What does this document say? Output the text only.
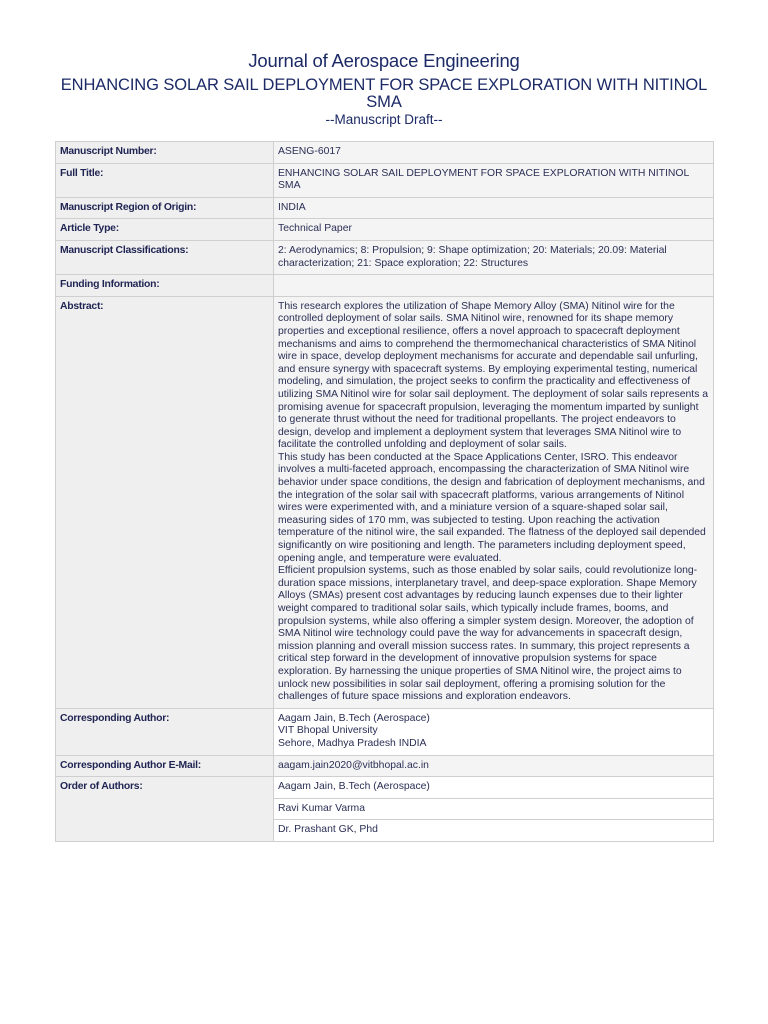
Journal of Aerospace Engineering
ENHANCING SOLAR SAIL DEPLOYMENT FOR SPACE EXPLORATION WITH NITINOL SMA
--Manuscript Draft--
Manuscript Number:	ASENG-6017
Full Title:	ENHANCING SOLAR SAIL DEPLOYMENT FOR SPACE EXPLORATION WITH NITINOL SMA
Manuscript Region of Origin:	INDIA
Article Type:	Technical Paper
Manuscript Classifications:	2: Aerodynamics; 8: Propulsion; 9: Shape optimization; 20: Materials; 20.09: Material characterization; 21: Space exploration; 22: Structures
Funding Information:	
Abstract:	This research explores the utilization of Shape Memory Alloy (SMA) Nitinol wire for the controlled deployment of solar sails. SMA Nitinol wire, renowned for its shape memory properties and exceptional resilience, offers a novel approach to spacecraft deployment mechanisms and aims to comprehend the thermomechanical characteristics of SMA Nitinol wire in space, develop deployment mechanisms for accurate and dependable sail unfurling, and ensure synergy with spacecraft systems. By employing experimental testing, numerical modeling, and simulation, the project seeks to confirm the practicality and effectiveness of utilizing SMA Nitinol wire for solar sail deployment. The deployment of solar sails represents a promising avenue for spacecraft propulsion, leveraging the momentum imparted by sunlight to generate thrust without the need for traditional propellants. The project endeavors to design, develop and implement a deployment system that leverages SMA Nitinol wire to facilitate the controlled unfolding and deployment of solar sails.

This study has been conducted at the Space Applications Center, ISRO. This endeavor involves a multi-faceted approach, encompassing the characterization of SMA Nitinol wire behavior under space conditions, the design and fabrication of deployment mechanisms, and the integration of the solar sail with spacecraft platforms, various arrangements of Nitinol wires were experimented with, and a miniature version of a square-shaped solar sail, measuring sides of 170 mm, was subjected to testing. Upon reaching the activation temperature of the nitinol wire, the sail expanded. The flatness of the deployed sail depended significantly on wire positioning and length. The parameters including deployment speed, opening angle, and temperature were evaluated.

Efficient propulsion systems, such as those enabled by solar sails, could revolutionize long-duration space missions, interplanetary travel, and deep-space exploration. Shape Memory Alloys (SMAs) present cost advantages by reducing launch expenses due to their lighter weight compared to traditional solar sails, which typically include frames, booms, and propulsion systems, while also offering a simpler system design. Moreover, the adoption of SMA Nitinol wire technology could pave the way for advancements in spacecraft design, mission planning and overall mission success rates. In summary, this project represents a critical step forward in the development of innovative propulsion systems for space exploration. By harnessing the unique properties of SMA Nitinol wire, the project aims to unlock new possibilities in solar sail deployment, offering a promising solution for the challenges of future space missions and exploration endeavors.

Corresponding Author:	Aagam Jain, B.Tech (Aerospace)
VIT Bhopal University
Sehore, Madhya Pradesh INDIA

Corresponding Author E-Mail:	aagam.jain2020@vitbhopal.ac.in
Order of Authors:	Aagam Jain, B.Tech (Aerospace)
	Ravi Kumar Varma
	Dr. Prashant GK, Phd
